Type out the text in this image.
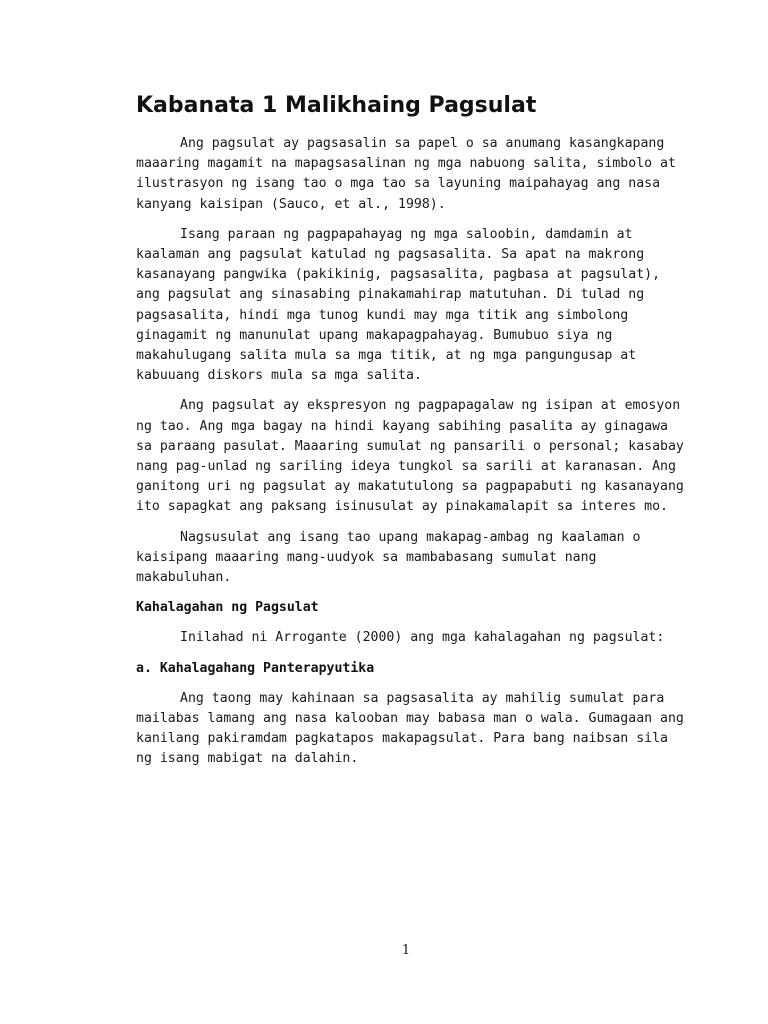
Kabanata 1 Malikhaing Pagsulat

Ang pagsulat ay pagsasalin sa papel o sa anumang kasangkapang maaaring magamit na mapagsasalinan ng mga nabuong salita, simbolo at ilustrasyon ng isang tao o mga tao sa layuning maipahayag ang nasa kanyang kaisipan (Sauco, et al., 1998).

Isang paraan ng pagpapahayag ng mga saloobin, damdamin at kaalaman ang pagsulat katulad ng pagsasalita. Sa apat na makrong kasanayang pangwika (pakikinig, pagsasalita, pagbasa at pagsulat), ang pagsulat ang sinasabing pinakamahirap matutuhan. Di tulad ng pagsasalita, hindi mga tunog kundi may mga titik ang simbolong ginagamit ng manunulat upang makapagpahayag. Bumubuo siya ng makahulugang salita mula sa mga titik, at ng mga pangungusap at kabuuang diskors mula sa mga salita.

Ang pagsulat ay ekspresyon ng pagpapagalaw ng isipan at emosyon ng tao. Ang mga bagay na hindi kayang sabihing pasalita ay ginagawa sa paraang pasulat. Maaaring sumulat ng pansarili o personal; kasabay nang pag-unlad ng sariling ideya tungkol sa sarili at karanasan. Ang ganitong uri ng pagsulat ay makatutulong sa pagpapabuti ng kasanayang ito sapagkat ang paksang isinusulat ay pinakamalapit sa interes mo.

Nagsusulat ang isang tao upang makapag-ambag ng kaalaman o kaisipang maaaring mang-uudyok sa mambabasang sumulat nang makabuluhan.

Kahalagahan ng Pagsulat

Inilahad ni Arrogante (2000) ang mga kahalagahan ng pagsulat:

a. Kahalagahang Panterapyutika

Ang taong may kahinaan sa pagsasalita ay mahilig sumulat para mailabas lamang ang nasa kalooban may babasa man o wala. Gumagaan ang kanilang pakiramdam pagkatapos makapagsulat. Para bang naibsan sila ng isang mabigat na dalahin.

1
